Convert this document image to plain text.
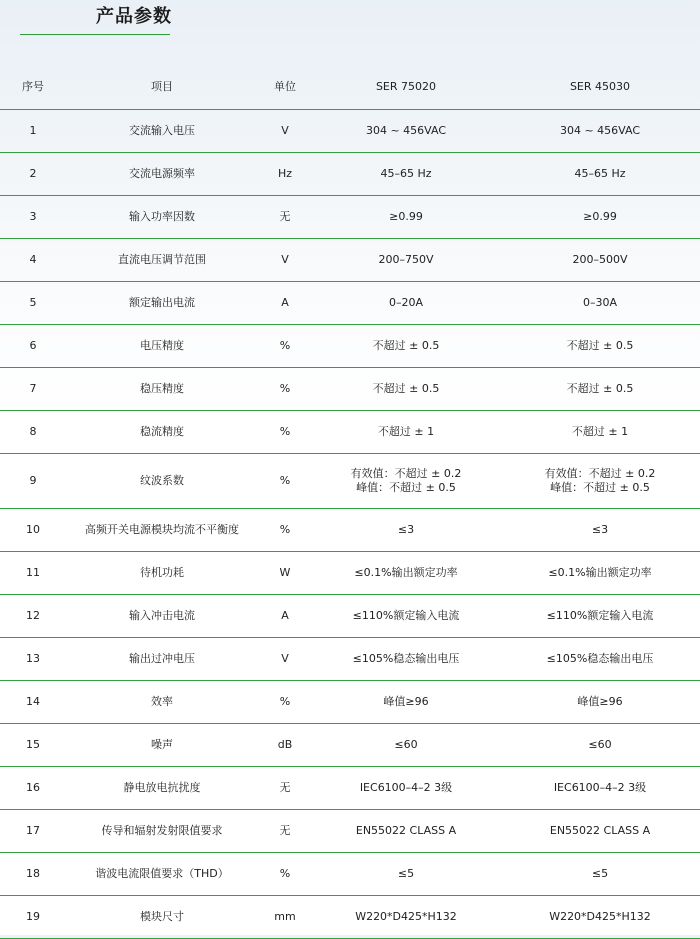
产品参数
序号	项目	单位	SER 75020	SER 45030
1	交流输入电压	V	304 ~ 456VAC	304 ~ 456VAC
2	交流电源频率	Hz	45–65 Hz	45–65 Hz
3	输入功率因数	无	≥0.99	≥0.99
4	直流电压调节范围	V	200–750V	200–500V
5	额定输出电流	A	0–20A	0–30A
6	电压精度	%	不超过 ± 0.5	不超过 ± 0.5
7	稳压精度	%	不超过 ± 0.5	不超过 ± 0.5
8	稳流精度	%	不超过 ± 1	不超过 ± 1
9	纹波系数	%	有效值：不超过 ± 0.2
峰值：不超过 ± 0.5	有效值：不超过 ± 0.2
峰值：不超过 ± 0.5

10	高频开关电源模块均流不平衡度	%	≤3	≤3
11	待机功耗	W	≤0.1%输出额定功率	≤0.1%输出额定功率
12	输入冲击电流	A	≤110%额定输入电流	≤110%额定输入电流
13	输出过冲电压	V	≤105%稳态输出电压	≤105%稳态输出电压
14	效率	%	峰值≥96	峰值≥96
15	噪声	dB	≤60	≤60
16	静电放电抗扰度	无	IEC6100–4–2 3级	IEC6100–4–2 3级
17	传导和辐射发射限值要求	无	EN55022 CLASS A	EN55022 CLASS A
18	谐波电流限值要求（THD）	%	≤5	≤5
19	模块尺寸	mm	W220*D425*H132	W220*D425*H132
